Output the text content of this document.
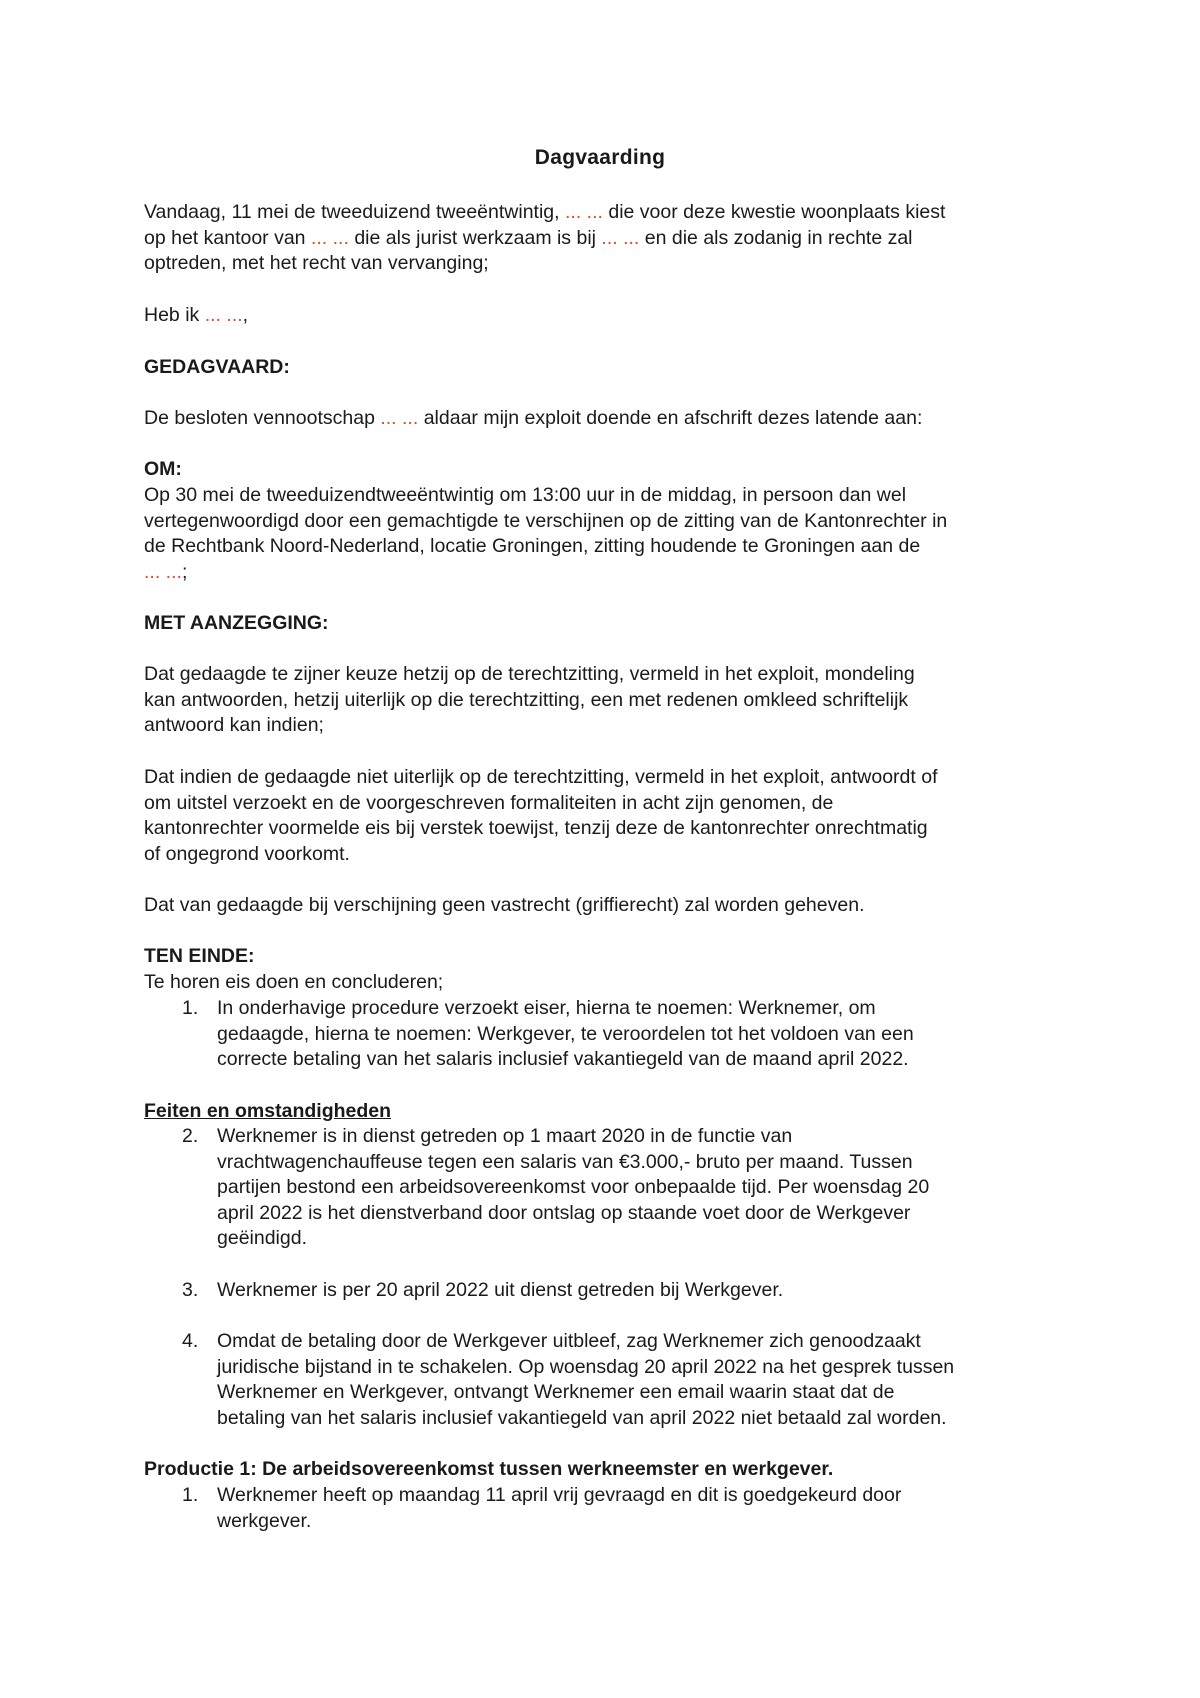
Dagvaarding
Vandaag, 11 mei de tweeduizend tweeëntwintig, ... ... die voor deze kwestie woonplaats kiest
op het kantoor van ... ... die als jurist werkzaam is bij ... ... en die als zodanig in rechte zal
optreden, met het recht van vervanging;
Heb ik ... ...,
GEDAGVAARD:
De besloten vennootschap ... ... aldaar mijn exploit doende en afschrift dezes latende aan:
OM:
Op 30 mei de tweeduizendtweeëntwintig om 13:00 uur in de middag, in persoon dan wel
vertegenwoordigd door een gemachtigde te verschijnen op de zitting van de Kantonrechter in
de Rechtbank Noord-Nederland, locatie Groningen, zitting houdende te Groningen aan de
... ...;
MET AANZEGGING:
Dat gedaagde te zijner keuze hetzij op de terechtzitting, vermeld in het exploit, mondeling
kan antwoorden, hetzij uiterlijk op die terechtzitting, een met redenen omkleed schriftelijk
antwoord kan indien;
Dat indien de gedaagde niet uiterlijk op de terechtzitting, vermeld in het exploit, antwoordt of
om uitstel verzoekt en de voorgeschreven formaliteiten in acht zijn genomen, de
kantonrechter voormelde eis bij verstek toewijst, tenzij deze de kantonrechter onrechtmatig
of ongegrond voorkomt.
Dat van gedaagde bij verschijning geen vastrecht (griffierecht) zal worden geheven.
TEN EINDE:
Te horen eis doen en concluderen;
1. In onderhavige procedure verzoekt eiser, hierna te noemen: Werknemer, om
gedaagde, hierna te noemen: Werkgever, te veroordelen tot het voldoen van een
correcte betaling van het salaris inclusief vakantiegeld van de maand april 2022.
Feiten en omstandigheden
2. Werknemer is in dienst getreden op 1 maart 2020 in de functie van
vrachtwagenchauffeuse tegen een salaris van €3.000,- bruto per maand. Tussen
partijen bestond een arbeidsovereenkomst voor onbepaalde tijd. Per woensdag 20
april 2022 is het dienstverband door ontslag op staande voet door de Werkgever
geëindigd.
3. Werknemer is per 20 april 2022 uit dienst getreden bij Werkgever.
4. Omdat de betaling door de Werkgever uitbleef, zag Werknemer zich genoodzaakt
juridische bijstand in te schakelen. Op woensdag 20 april 2022 na het gesprek tussen
Werknemer en Werkgever, ontvangt Werknemer een email waarin staat dat de
betaling van het salaris inclusief vakantiegeld van april 2022 niet betaald zal worden.
Productie 1: De arbeidsovereenkomst tussen werkneemster en werkgever.
1. Werknemer heeft op maandag 11 april vrij gevraagd en dit is goedgekeurd door
werkgever.
